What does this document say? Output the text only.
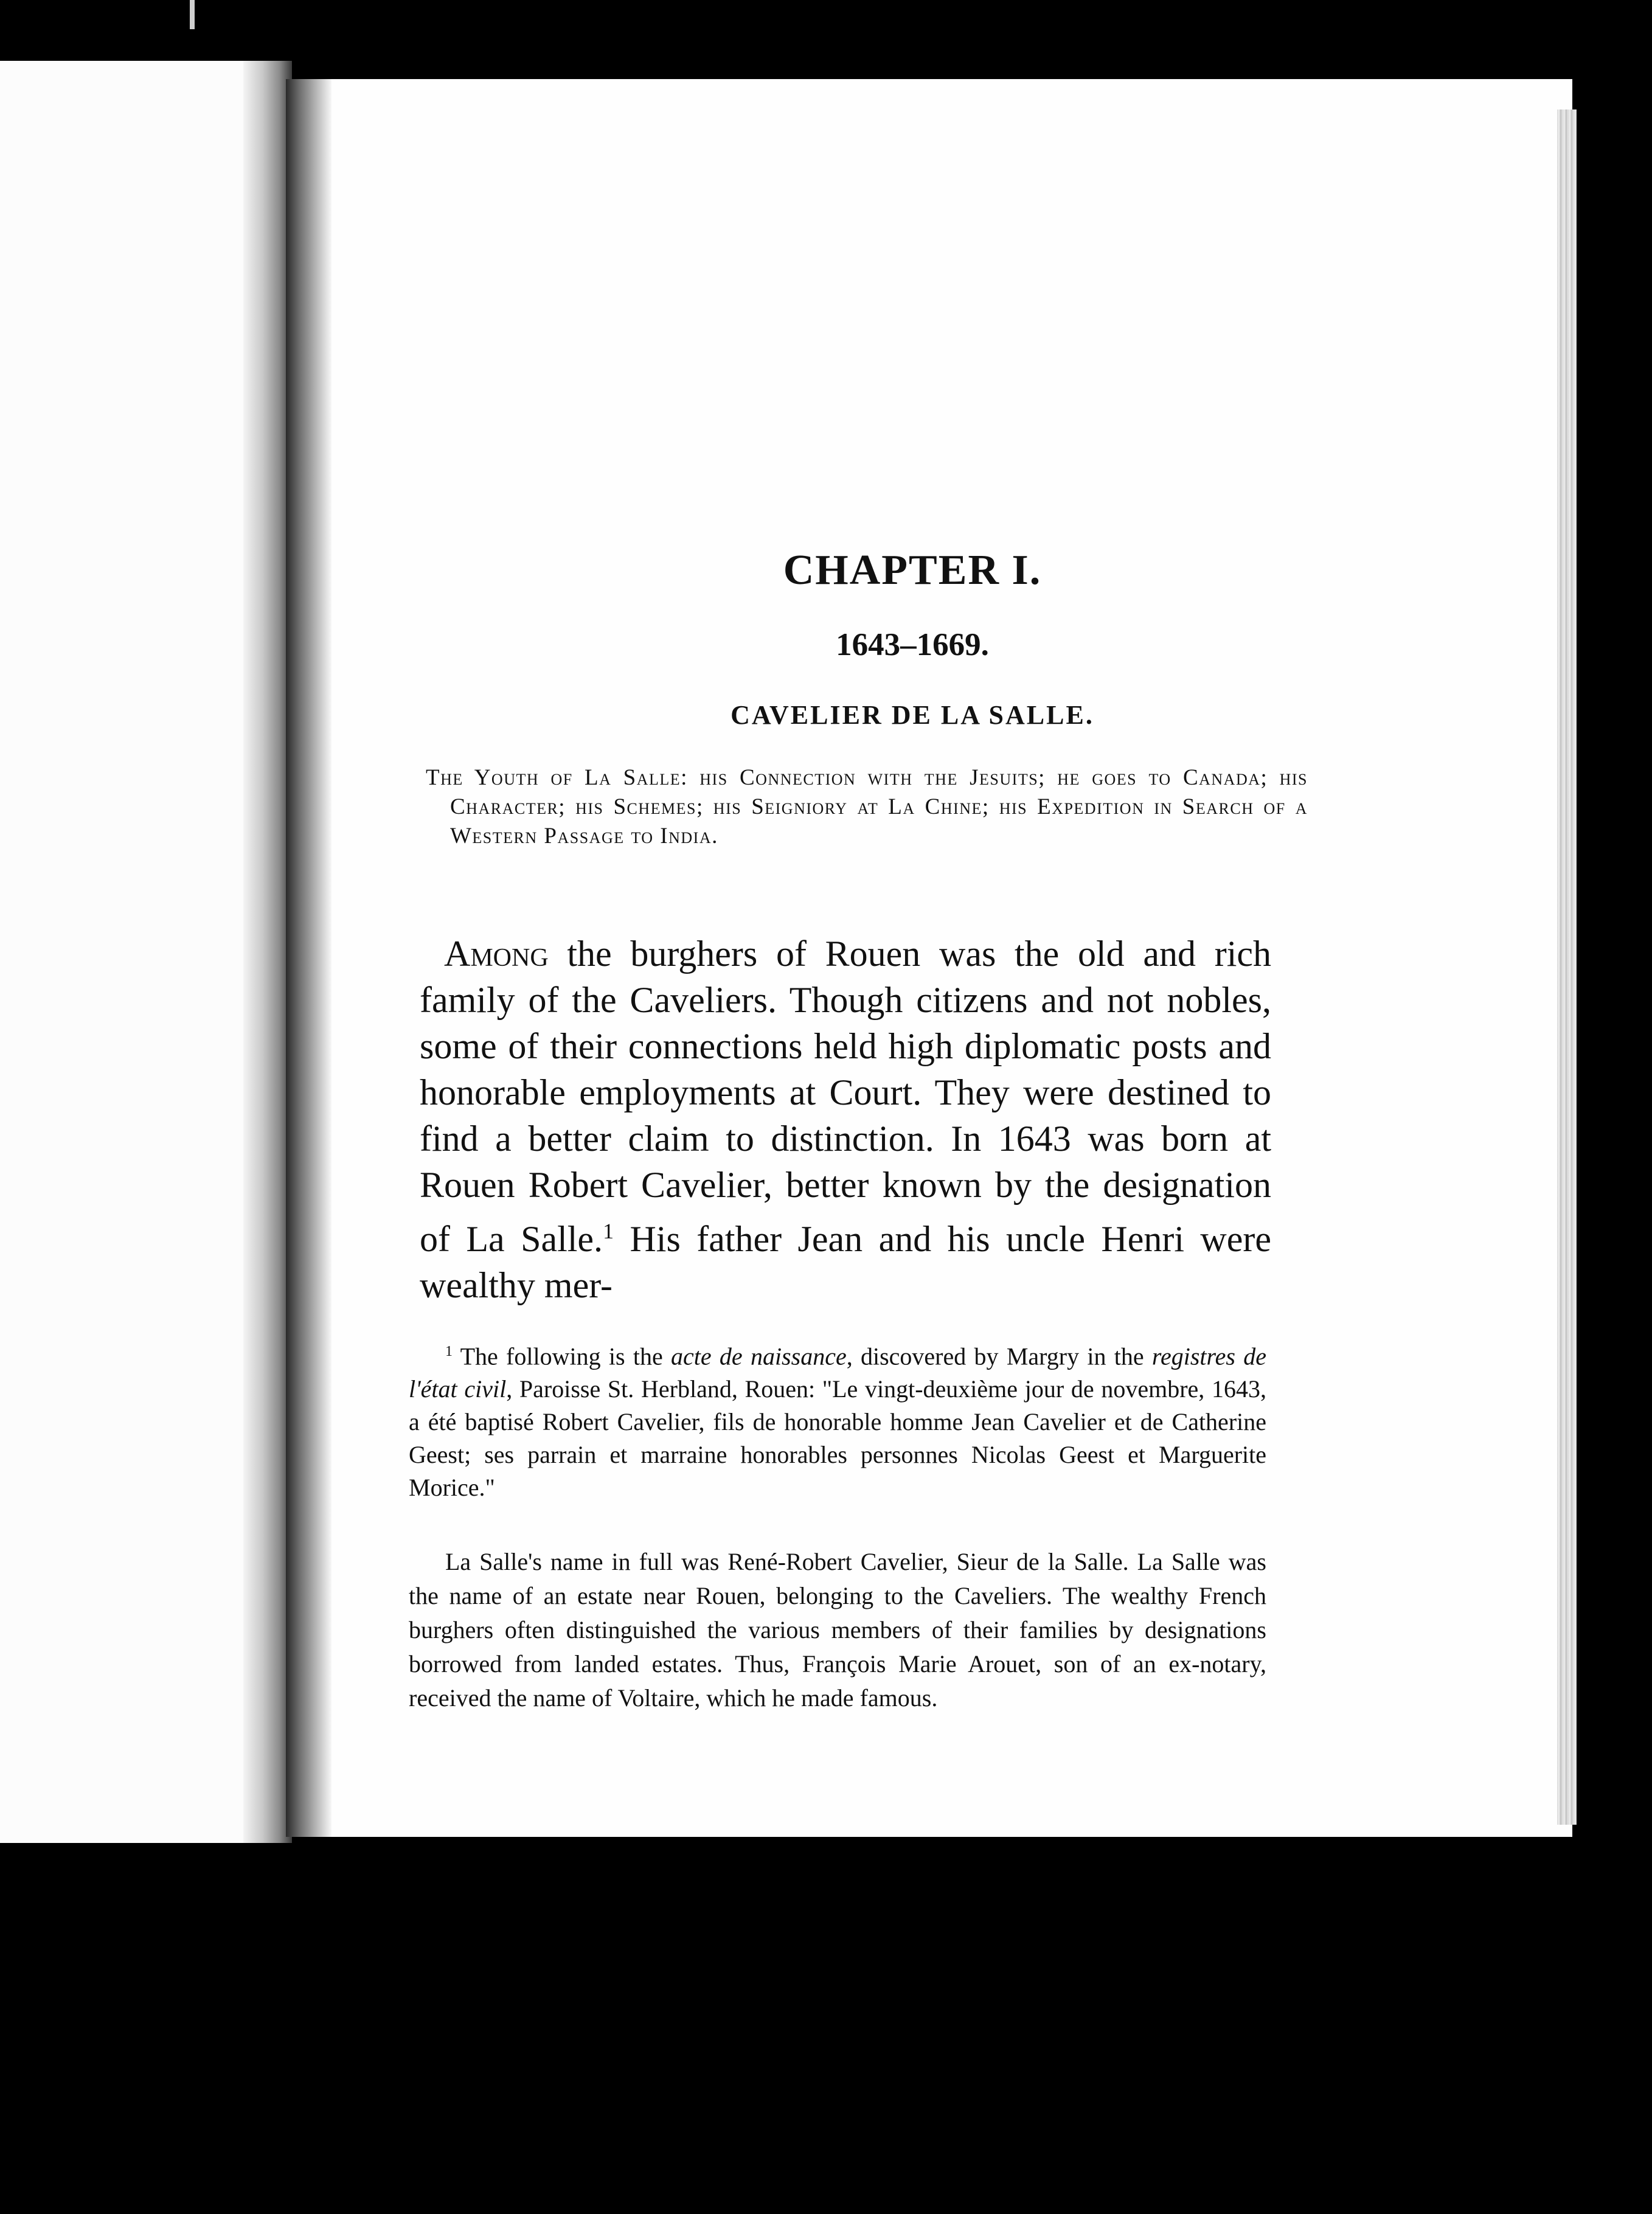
CHAPTER I.
1643–1669.
CAVELIER DE LA SALLE.

The Youth of La Salle: his Connection with the Jesuits; he goes to Canada; his Character; his Schemes; his Seigniory at La Chine; his Expedition in Search of a Western Passage to India.

Among the burghers of Rouen was the old and rich family of the Caveliers. Though citizens and not nobles, some of their connections held high diplomatic posts and honorable employments at Court. They were destined to find a better claim to distinction. In 1643 was born at Rouen Robert Cavelier, better known by the designation of La Salle.$^1$ His father Jean and his uncle Henri were wealthy mer-

$^1$ The following is the acte de naissance, discovered by Margry in the registres de l'état civil, Paroisse St. Herbland, Rouen: "Le vingt-deuxième jour de novembre, 1643, a été baptisé Robert Cavelier, fils de honorable homme Jean Cavelier et de Catherine Geest; ses parrain et marraine honorables personnes Nicolas Geest et Marguerite Morice."

La Salle's name in full was René-Robert Cavelier, Sieur de la Salle. La Salle was the name of an estate near Rouen, belonging to the Caveliers. The wealthy French burghers often distinguished the various members of their families by designations borrowed from landed estates. Thus, François Marie Arouet, son of an ex-notary, received the name of Voltaire, which he made famous.
